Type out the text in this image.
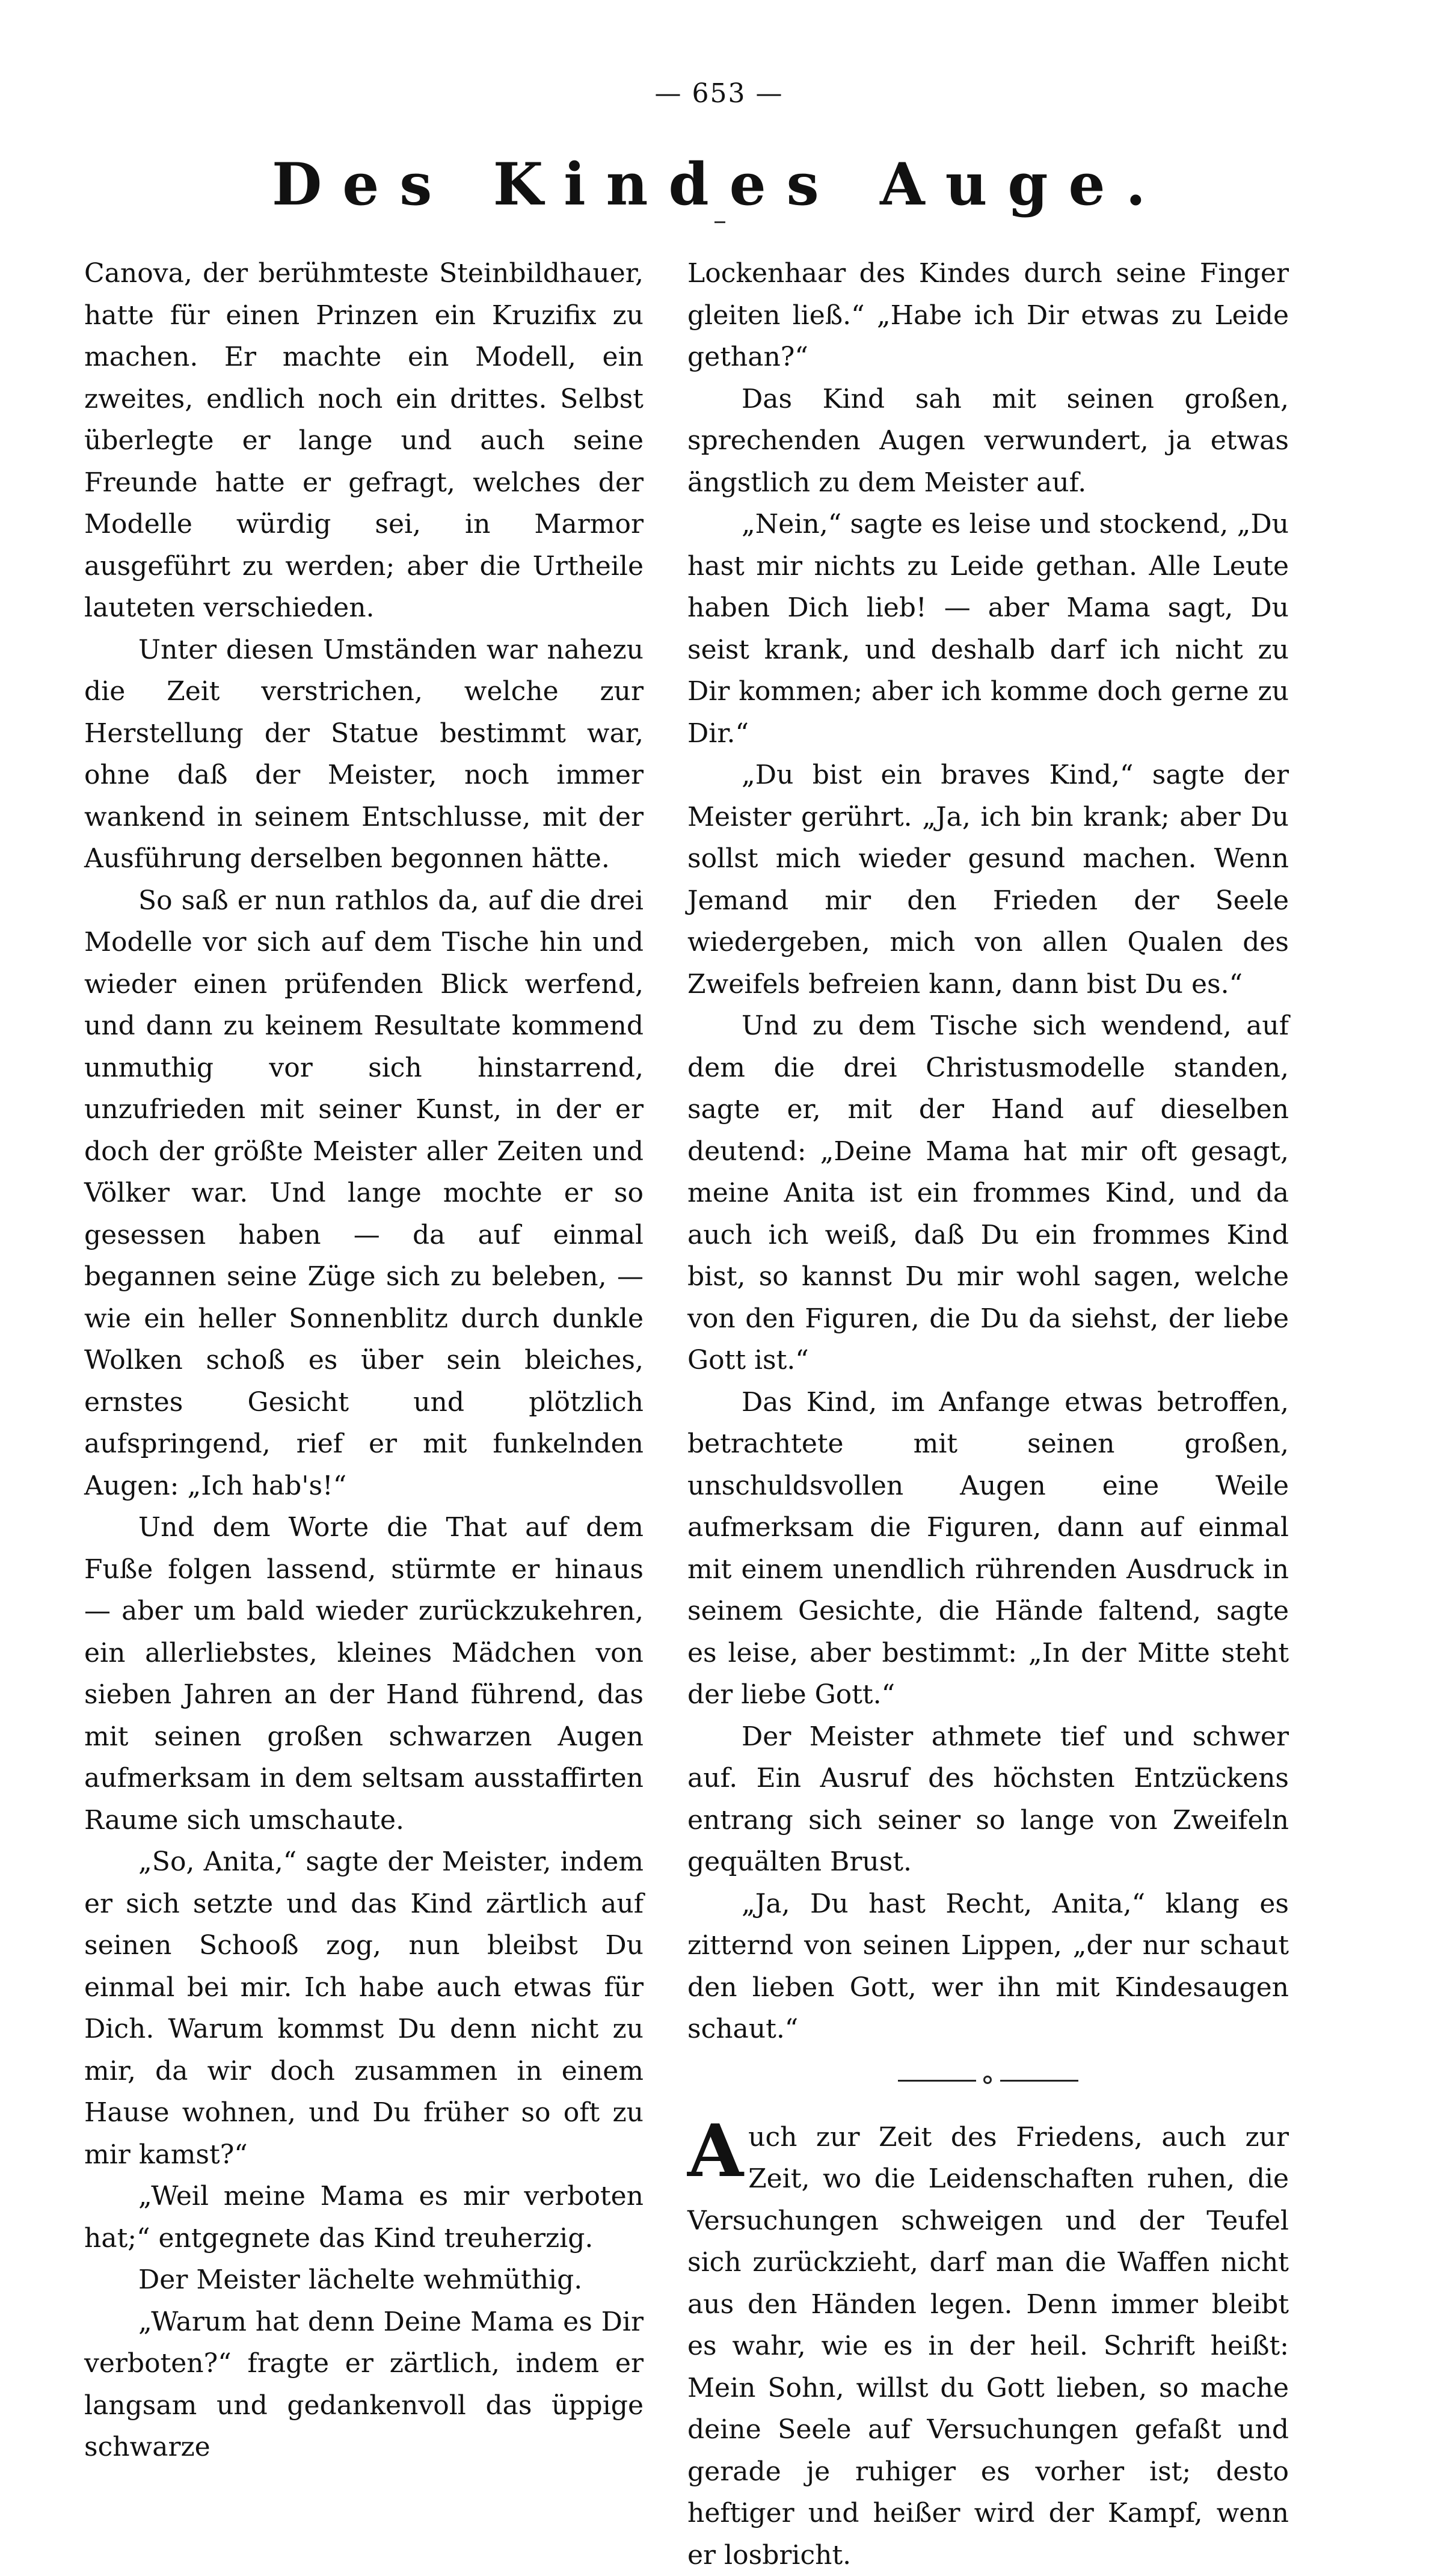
— 653 —
Des Kindes Auge.

Canova, der berühmteste Steinbildhauer, hatte für einen Prinzen ein Kruzifix zu machen. Er machte ein Modell, ein zweites, endlich noch ein drittes. Selbst überlegte er lange und auch seine Freunde hatte er gefragt, welches der Modelle würdig sei, in Marmor ausgeführt zu werden; aber die Urtheile lauteten verschieden.

Unter diesen Umständen war nahezu die Zeit verstrichen, welche zur Herstellung der Statue bestimmt war, ohne daß der Meister, noch immer wankend in seinem Entschlusse, mit der Ausführung derselben begonnen hätte.

So saß er nun rathlos da, auf die drei Modelle vor sich auf dem Tische hin und wieder einen prüfenden Blick werfend, und dann zu keinem Resultate kommend unmuthig vor sich hinstarrend, unzufrieden mit seiner Kunst, in der er doch der größte Meister aller Zeiten und Völker war. Und lange mochte er so gesessen haben — da auf einmal begannen seine Züge sich zu beleben, — wie ein heller Sonnenblitz durch dunkle Wolken schoß es über sein bleiches, ernstes Gesicht und plötzlich aufspringend, rief er mit funkelnden Augen: „Ich hab's!“

Und dem Worte die That auf dem Fuße folgen lassend, stürmte er hinaus — aber um bald wieder zurückzukehren, ein allerliebstes, kleines Mädchen von sieben Jahren an der Hand führend, das mit seinen großen schwarzen Augen aufmerksam in dem seltsam ausstaffirten Raume sich umschaute.

„So, Anita,“ sagte der Meister, indem er sich setzte und das Kind zärtlich auf seinen Schooß zog, nun bleibst Du einmal bei mir. Ich habe auch etwas für Dich. Warum kommst Du denn nicht zu mir, da wir doch zusammen in einem Hause wohnen, und Du früher so oft zu mir kamst?“

„Weil meine Mama es mir verboten hat;“ entgegnete das Kind treuherzig.

Der Meister lächelte wehmüthig.

„Warum hat denn Deine Mama es Dir verboten?“ fragte er zärtlich, indem er langsam und gedankenvoll das üppige schwarze

Lockenhaar des Kindes durch seine Finger gleiten ließ.“ „Habe ich Dir etwas zu Leide gethan?“

Das Kind sah mit seinen großen, sprechenden Augen verwundert, ja etwas ängstlich zu dem Meister auf.

„Nein,“ sagte es leise und stockend, „Du hast mir nichts zu Leide gethan. Alle Leute haben Dich lieb! — aber Mama sagt, Du seist krank, und deshalb darf ich nicht zu Dir kommen; aber ich komme doch gerne zu Dir.“

„Du bist ein braves Kind,“ sagte der Meister gerührt. „Ja, ich bin krank; aber Du sollst mich wieder gesund machen. Wenn Jemand mir den Frieden der Seele wiedergeben, mich von allen Qualen des Zweifels befreien kann, dann bist Du es.“

Und zu dem Tische sich wendend, auf dem die drei Christusmodelle standen, sagte er, mit der Hand auf dieselben deutend: „Deine Mama hat mir oft gesagt, meine Anita ist ein frommes Kind, und da auch ich weiß, daß Du ein frommes Kind bist, so kannst Du mir wohl sagen, welche von den Figuren, die Du da siehst, der liebe Gott ist.“

Das Kind, im Anfange etwas betroffen, betrachtete mit seinen großen, unschuldsvollen Augen eine Weile aufmerksam die Figuren, dann auf einmal mit einem unendlich rührenden Ausdruck in seinem Gesichte, die Hände faltend, sagte es leise, aber bestimmt: „In der Mitte steht der liebe Gott.“

Der Meister athmete tief und schwer auf. Ein Ausruf des höchsten Entzückens entrang sich seiner so lange von Zweifeln gequälten Brust.

„Ja, Du hast Recht, Anita,“ klang es zitternd von seinen Lippen, „der nur schaut den lieben Gott, wer ihn mit Kindesaugen schaut.“

Auch zur Zeit des Friedens, auch zur Zeit, wo die Leidenschaften ruhen, die Versuchungen schweigen und der Teufel sich zurückzieht, darf man die Waffen nicht aus den Händen legen. Denn immer bleibt es wahr, wie es in der heil. Schrift heißt: Mein Sohn, willst du Gott lieben, so mache deine Seele auf Versuchungen gefaßt und gerade je ruhiger es vorher ist; desto heftiger und heißer wird der Kampf, wenn er losbricht.
